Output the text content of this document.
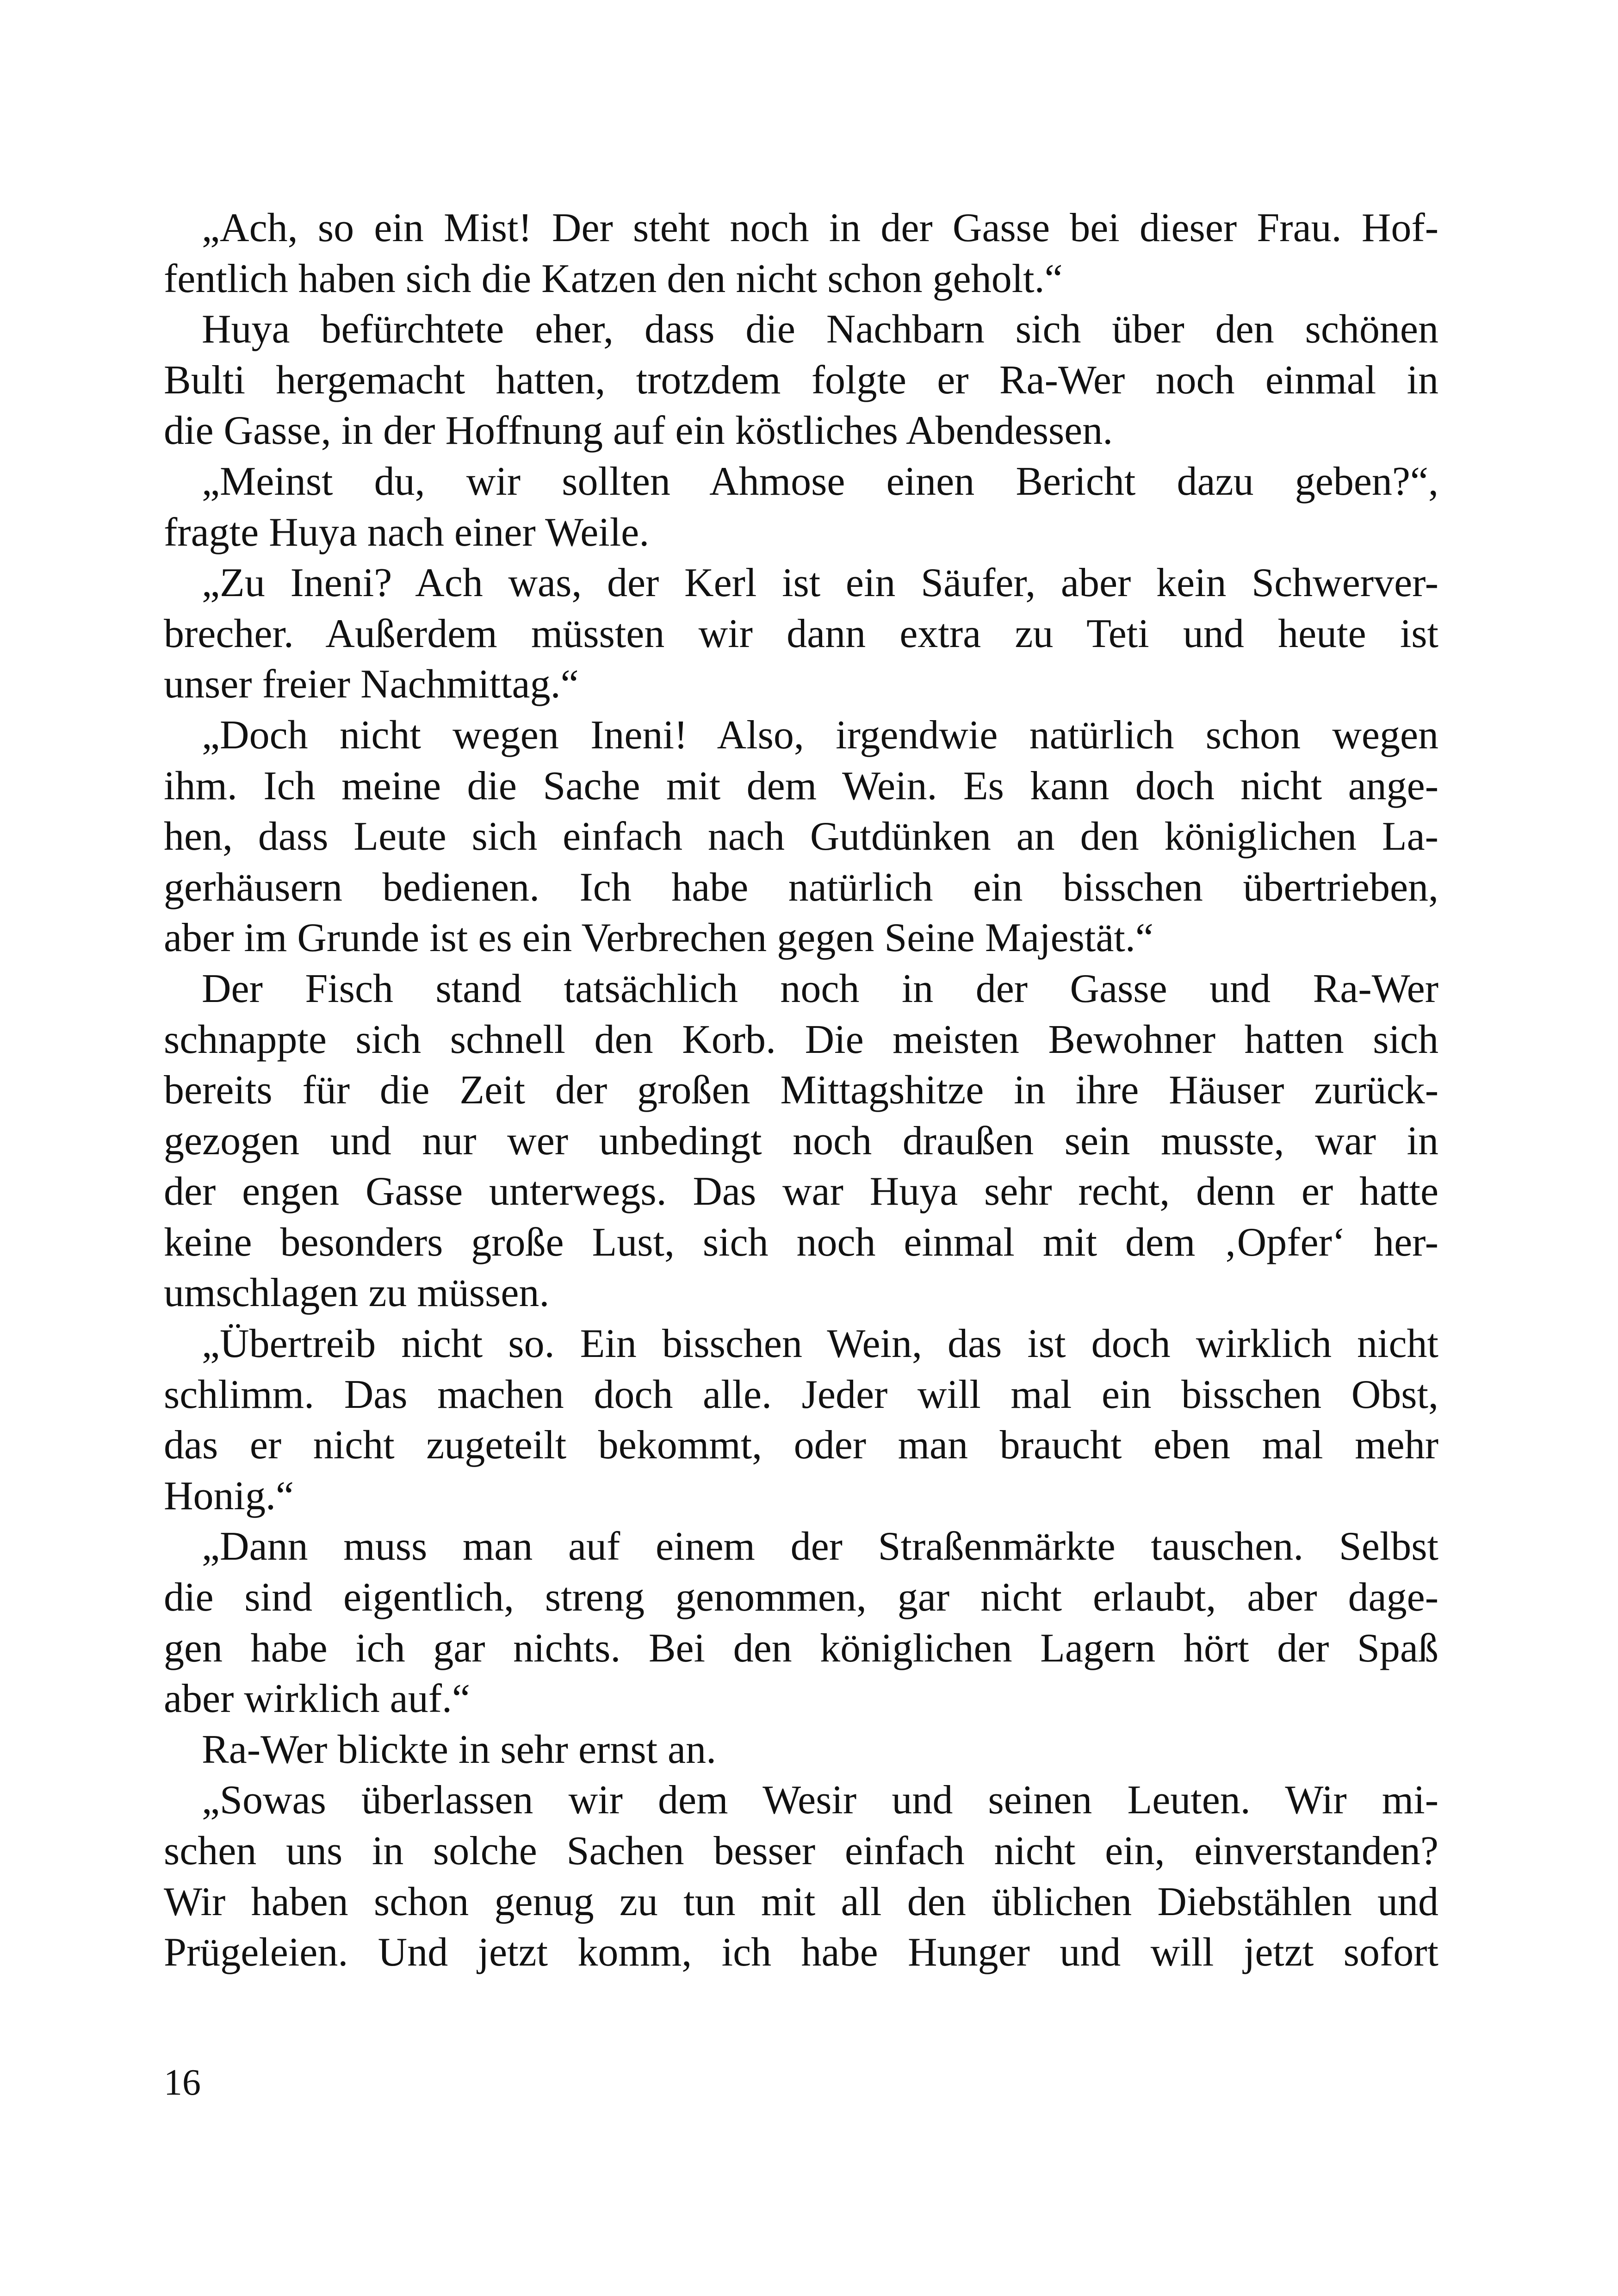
„Ach, so ein Mist! Der steht noch in der Gasse bei dieser Frau. Hof-
fentlich haben sich die Katzen den nicht schon geholt.“
Huya befürchtete eher, dass die Nachbarn sich über den schönen
Bulti hergemacht hatten, trotzdem folgte er Ra-Wer noch einmal in
die Gasse, in der Hoffnung auf ein köstliches Abendessen.
„Meinst du, wir sollten Ahmose einen Bericht dazu geben?“,
fragte Huya nach einer Weile.
„Zu Ineni? Ach was, der Kerl ist ein Säufer, aber kein Schwerver-
brecher. Außerdem müssten wir dann extra zu Teti und heute ist
unser freier Nachmittag.“
„Doch nicht wegen Ineni! Also, irgendwie natürlich schon wegen
ihm. Ich meine die Sache mit dem Wein. Es kann doch nicht ange-
hen, dass Leute sich einfach nach Gutdünken an den königlichen La-
gerhäusern bedienen. Ich habe natürlich ein bisschen übertrieben,
aber im Grunde ist es ein Verbrechen gegen Seine Majestät.“
Der Fisch stand tatsächlich noch in der Gasse und Ra-Wer
schnappte sich schnell den Korb. Die meisten Bewohner hatten sich
bereits für die Zeit der großen Mittagshitze in ihre Häuser zurück-
gezogen und nur wer unbedingt noch draußen sein musste, war in
der engen Gasse unterwegs. Das war Huya sehr recht, denn er hatte
keine besonders große Lust, sich noch einmal mit dem ‚Opfer‘ her-
umschlagen zu müssen.
„Übertreib nicht so. Ein bisschen Wein, das ist doch wirklich nicht
schlimm. Das machen doch alle. Jeder will mal ein bisschen Obst,
das er nicht zugeteilt bekommt, oder man braucht eben mal mehr
Honig.“
„Dann muss man auf einem der Straßenmärkte tauschen. Selbst
die sind eigentlich, streng genommen, gar nicht erlaubt, aber dage-
gen habe ich gar nichts. Bei den königlichen Lagern hört der Spaß
aber wirklich auf.“
Ra-Wer blickte in sehr ernst an.
„Sowas überlassen wir dem Wesir und seinen Leuten. Wir mi-
schen uns in solche Sachen besser einfach nicht ein, einverstanden?
Wir haben schon genug zu tun mit all den üblichen Diebstählen und
Prügeleien. Und jetzt komm, ich habe Hunger und will jetzt sofort
16
